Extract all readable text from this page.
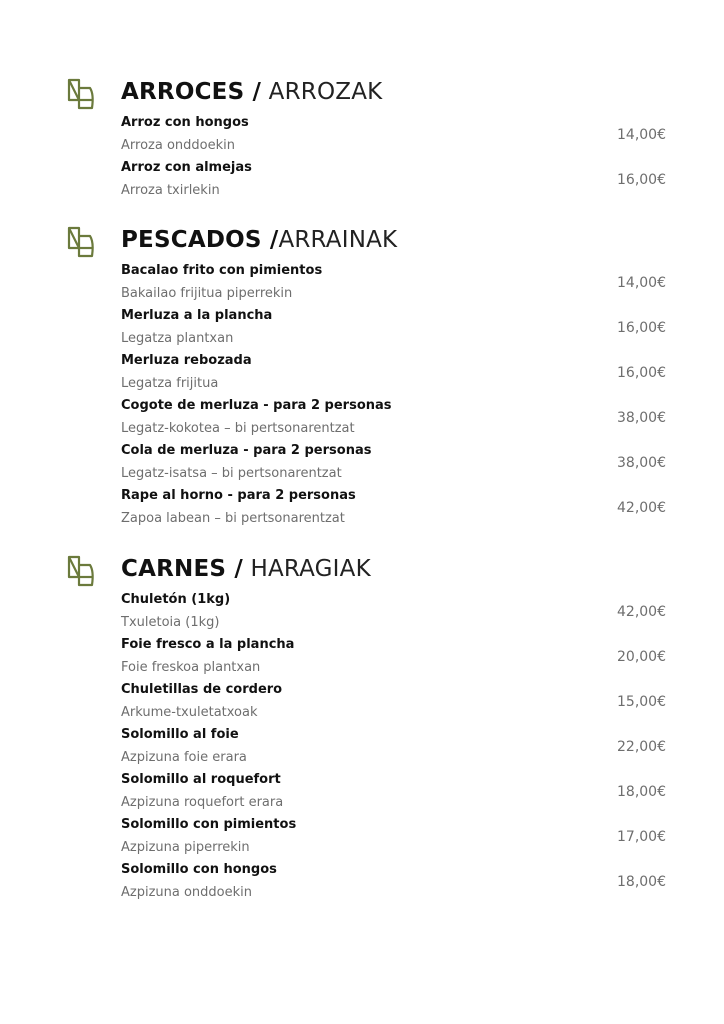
ARROCES / ARROZAK
Arroz con hongos
Arroza onddoekin
14,00€
Arroz con almejas
Arroza txirlekin
16,00€
PESCADOS /ARRAINAK
Bacalao frito con pimientos
Bakailao frijitua piperrekin
14,00€
Merluza a la plancha
Legatza plantxan
16,00€
Merluza rebozada
Legatza frijitua
16,00€
Cogote de merluza - para 2 personas
Legatz-kokotea – bi pertsonarentzat
38,00€
Cola de merluza - para 2 personas
Legatz-isatsa – bi pertsonarentzat
38,00€
Rape al horno - para 2 personas
Zapoa labean – bi pertsonarentzat
42,00€
CARNES / HARAGIAK
Chuletón (1kg)
Txuletoia (1kg)
42,00€
Foie fresco a la plancha
Foie freskoa plantxan
20,00€
Chuletillas de cordero
Arkume-txuletatxoak
15,00€
Solomillo al foie
Azpizuna foie erara
22,00€
Solomillo al roquefort
Azpizuna roquefort erara
18,00€
Solomillo con pimientos
Azpizuna piperrekin
17,00€
Solomillo con hongos
Azpizuna onddoekin
18,00€
